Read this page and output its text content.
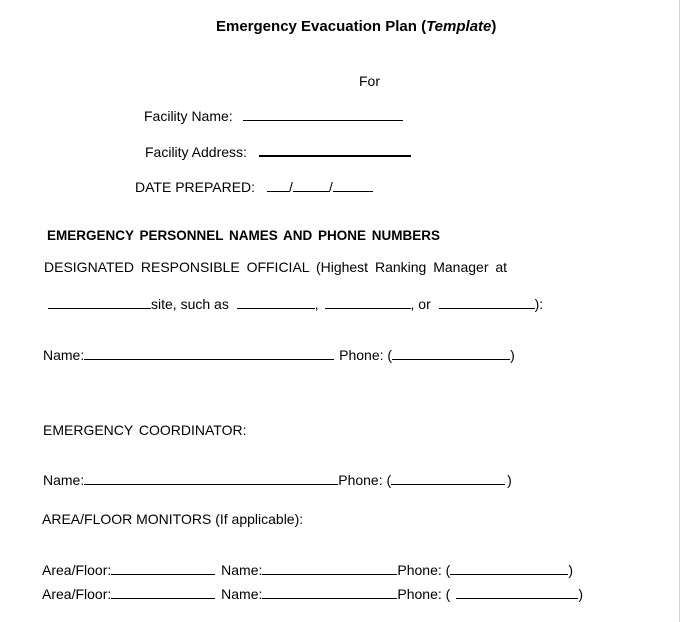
Emergency Evacuation Plan (Template)
For
Facility Name:
Facility Address:
DATE PREPARED: /	/
EMERGENCY PERSONNEL NAMES AND PHONE NUMBERS
DESIGNATED RESPONSIBLE OFFICIAL (Highest Ranking Manager at
site, such as	,	, or	):
Name:	Phone: (	)
EMERGENCY COORDINATOR:
Name:	Phone: (	)
AREA/FLOOR MONITORS (If applicable):
Area/Floor:	Name:	Phone: (	)
Area/Floor:	Name:	Phone: (	)
